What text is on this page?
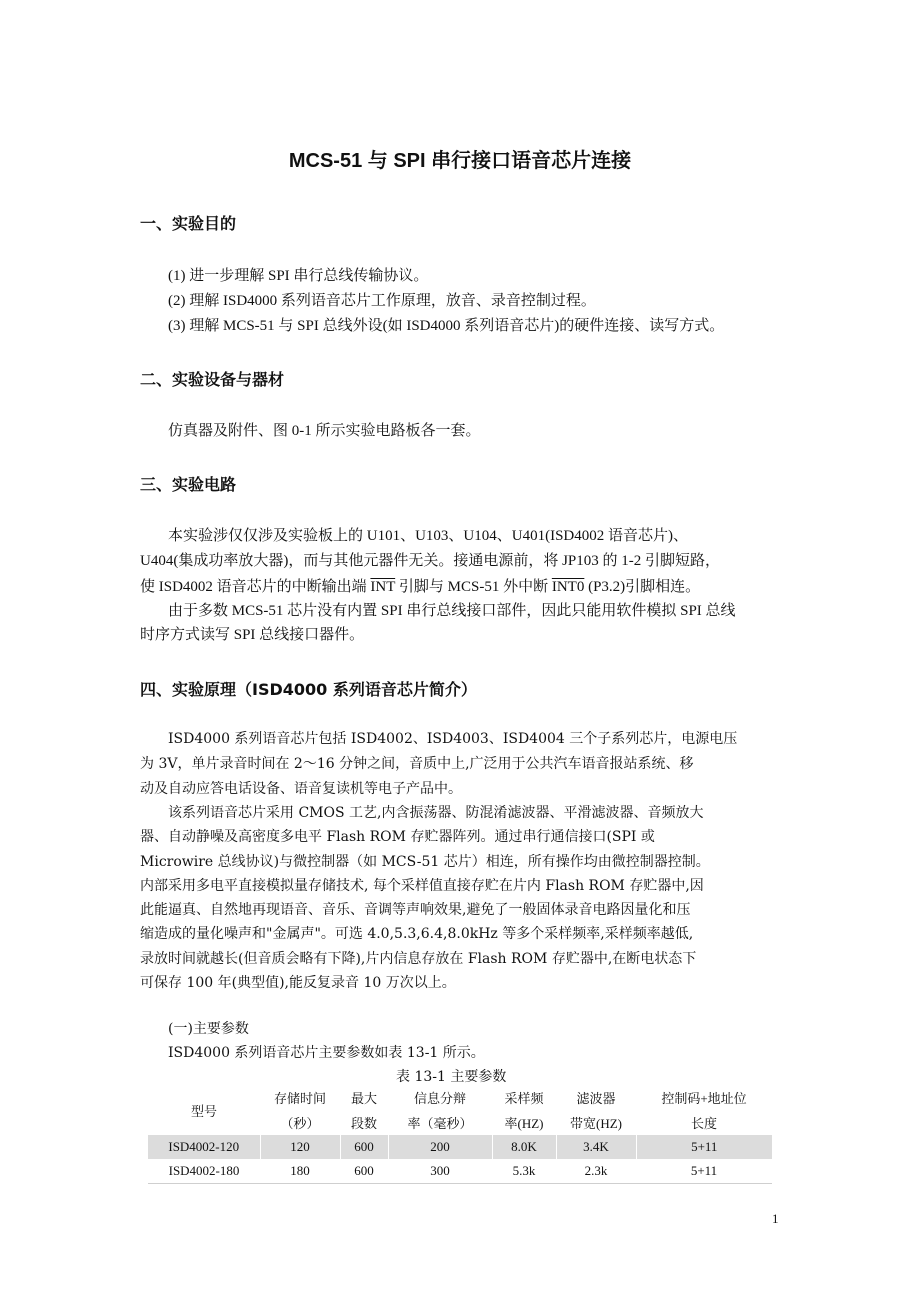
MCS-51 与 SPI 串行接口语音芯片连接
一、实验目的
(1) 进一步理解 SPI 串行总线传输协议。
(2) 理解 ISD4000 系列语音芯片工作原理，放音、录音控制过程。
(3) 理解 MCS-51 与 SPI 总线外设(如 ISD4000 系列语音芯片)的硬件连接、读写方式。
二、实验设备与器材
仿真器及附件、图 0-1 所示实验电路板各一套。
三、实验电路
本实验涉仅仅涉及实验板上的 U101、U103、U104、U401(ISD4002 语音芯片)、
U404(集成功率放大器)，而与其他元器件无关。接通电源前，将 JP103 的 1-2 引脚短路，
使 ISD4002 语音芯片的中断输出端 $\overline{INT}$ 引脚与 MCS-51 外中断 INT0 (P3.2)引脚相连。
由于多数 MCS-51 芯片没有内置 SPI 串行总线接口部件，因此只能用软件模拟 SPI 总线
时序方式读写 SPI 总线接口器件。
四、实验原理（ISD4000 系列语音芯片简介）
ISD4000 系列语音芯片包括 ISD4002、ISD4003、ISD4004 三个子系列芯片，电源电压
为 3V，单片录音时间在 2～16 分钟之间，音质中上,广泛用于公共汽车语音报站系统、移
动及自动应答电话设备、语音复读机等电子产品中。
该系列语音芯片采用 CMOS 工艺,内含振荡器、防混淆滤波器、平滑滤波器、音频放大
器、自动静噪及高密度多电平 Flash ROM 存贮器阵列。通过串行通信接口(SPI 或
Microwire 总线协议)与微控制器（如 MCS-51 芯片）相连，所有操作均由微控制器控制。
内部采用多电平直接模拟量存储技术, 每个采样值直接存贮在片内 Flash ROM 存贮器中,因
此能逼真、自然地再现语音、音乐、音调等声响效果,避免了一般固体录音电路因量化和压
缩造成的量化噪声和"金属声"。可选 4.0,5.3,6.4,8.0kHz 等多个采样频率,采样频率越低,
录放时间就越长(但音质会略有下降),片内信息存放在 Flash ROM 存贮器中,在断电状态下
可保存 100 年(典型值),能反复录音 10 万次以上。
(一)主要参数
ISD4000 系列语音芯片主要参数如表 13-1 所示。
表 13-1 主要参数
型号	存储时间	最大	信息分辩	采样频	滤波器	控制码+地址位
	（秒）	段数	率（毫秒）	率(HZ)	带宽(HZ)	长度
ISD4002-120	120	600	200	8.0K	3.4K	5+11
ISD4002-180	180	600	300	5.3k	2.3k	5+11
1
